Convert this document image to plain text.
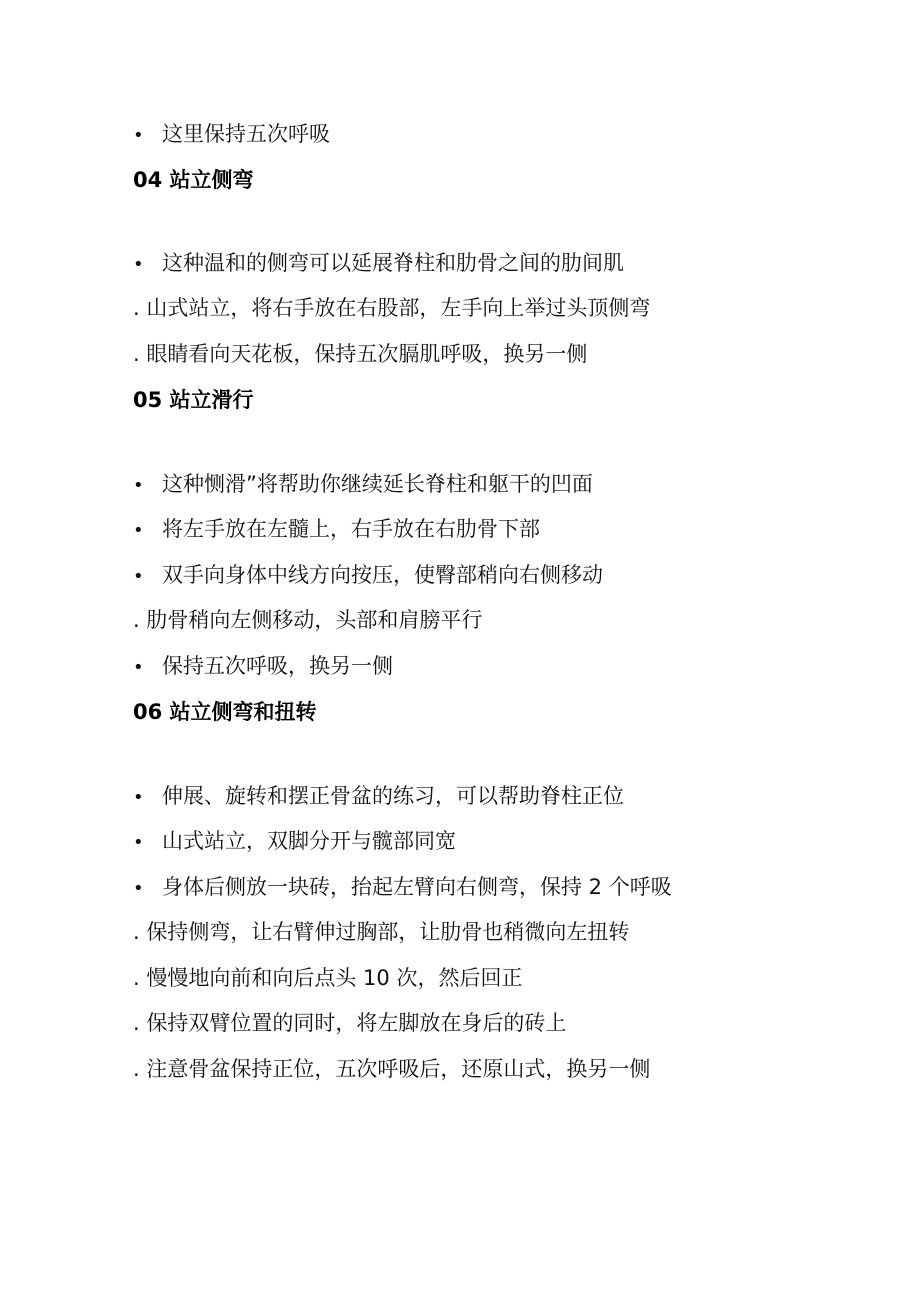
• 这里保持五次呼吸
04 站立侧弯
• 这种温和的侧弯可以延展脊柱和肋骨之间的肋间肌
. 山式站立，将右手放在右股部，左手向上举过头顶侧弯
. 眼睛看向天花板，保持五次膈肌呼吸，换另一侧
05 站立滑行
• 这种恻滑”将帮助你继续延长脊柱和躯干的凹面
• 将左手放在左髓上，右手放在右肋骨下部
• 双手向身体中线方向按压，使臀部稍向右侧移动
. 肋骨稍向左侧移动，头部和肩膀平行
• 保持五次呼吸，换另一侧
06 站立侧弯和扭转
• 伸展、旋转和摆正骨盆的练习，可以帮助脊柱正位
• 山式站立，双脚分开与髋部同宽
• 身体后侧放一块砖，抬起左臂向右侧弯，保持 2 个呼吸
. 保持侧弯，让右臂伸过胸部，让肋骨也稍微向左扭转
. 慢慢地向前和向后点头 10 次，然后回正
. 保持双臂位置的同时，将左脚放在身后的砖上
. 注意骨盆保持正位，五次呼吸后，还原山式，换另一侧
